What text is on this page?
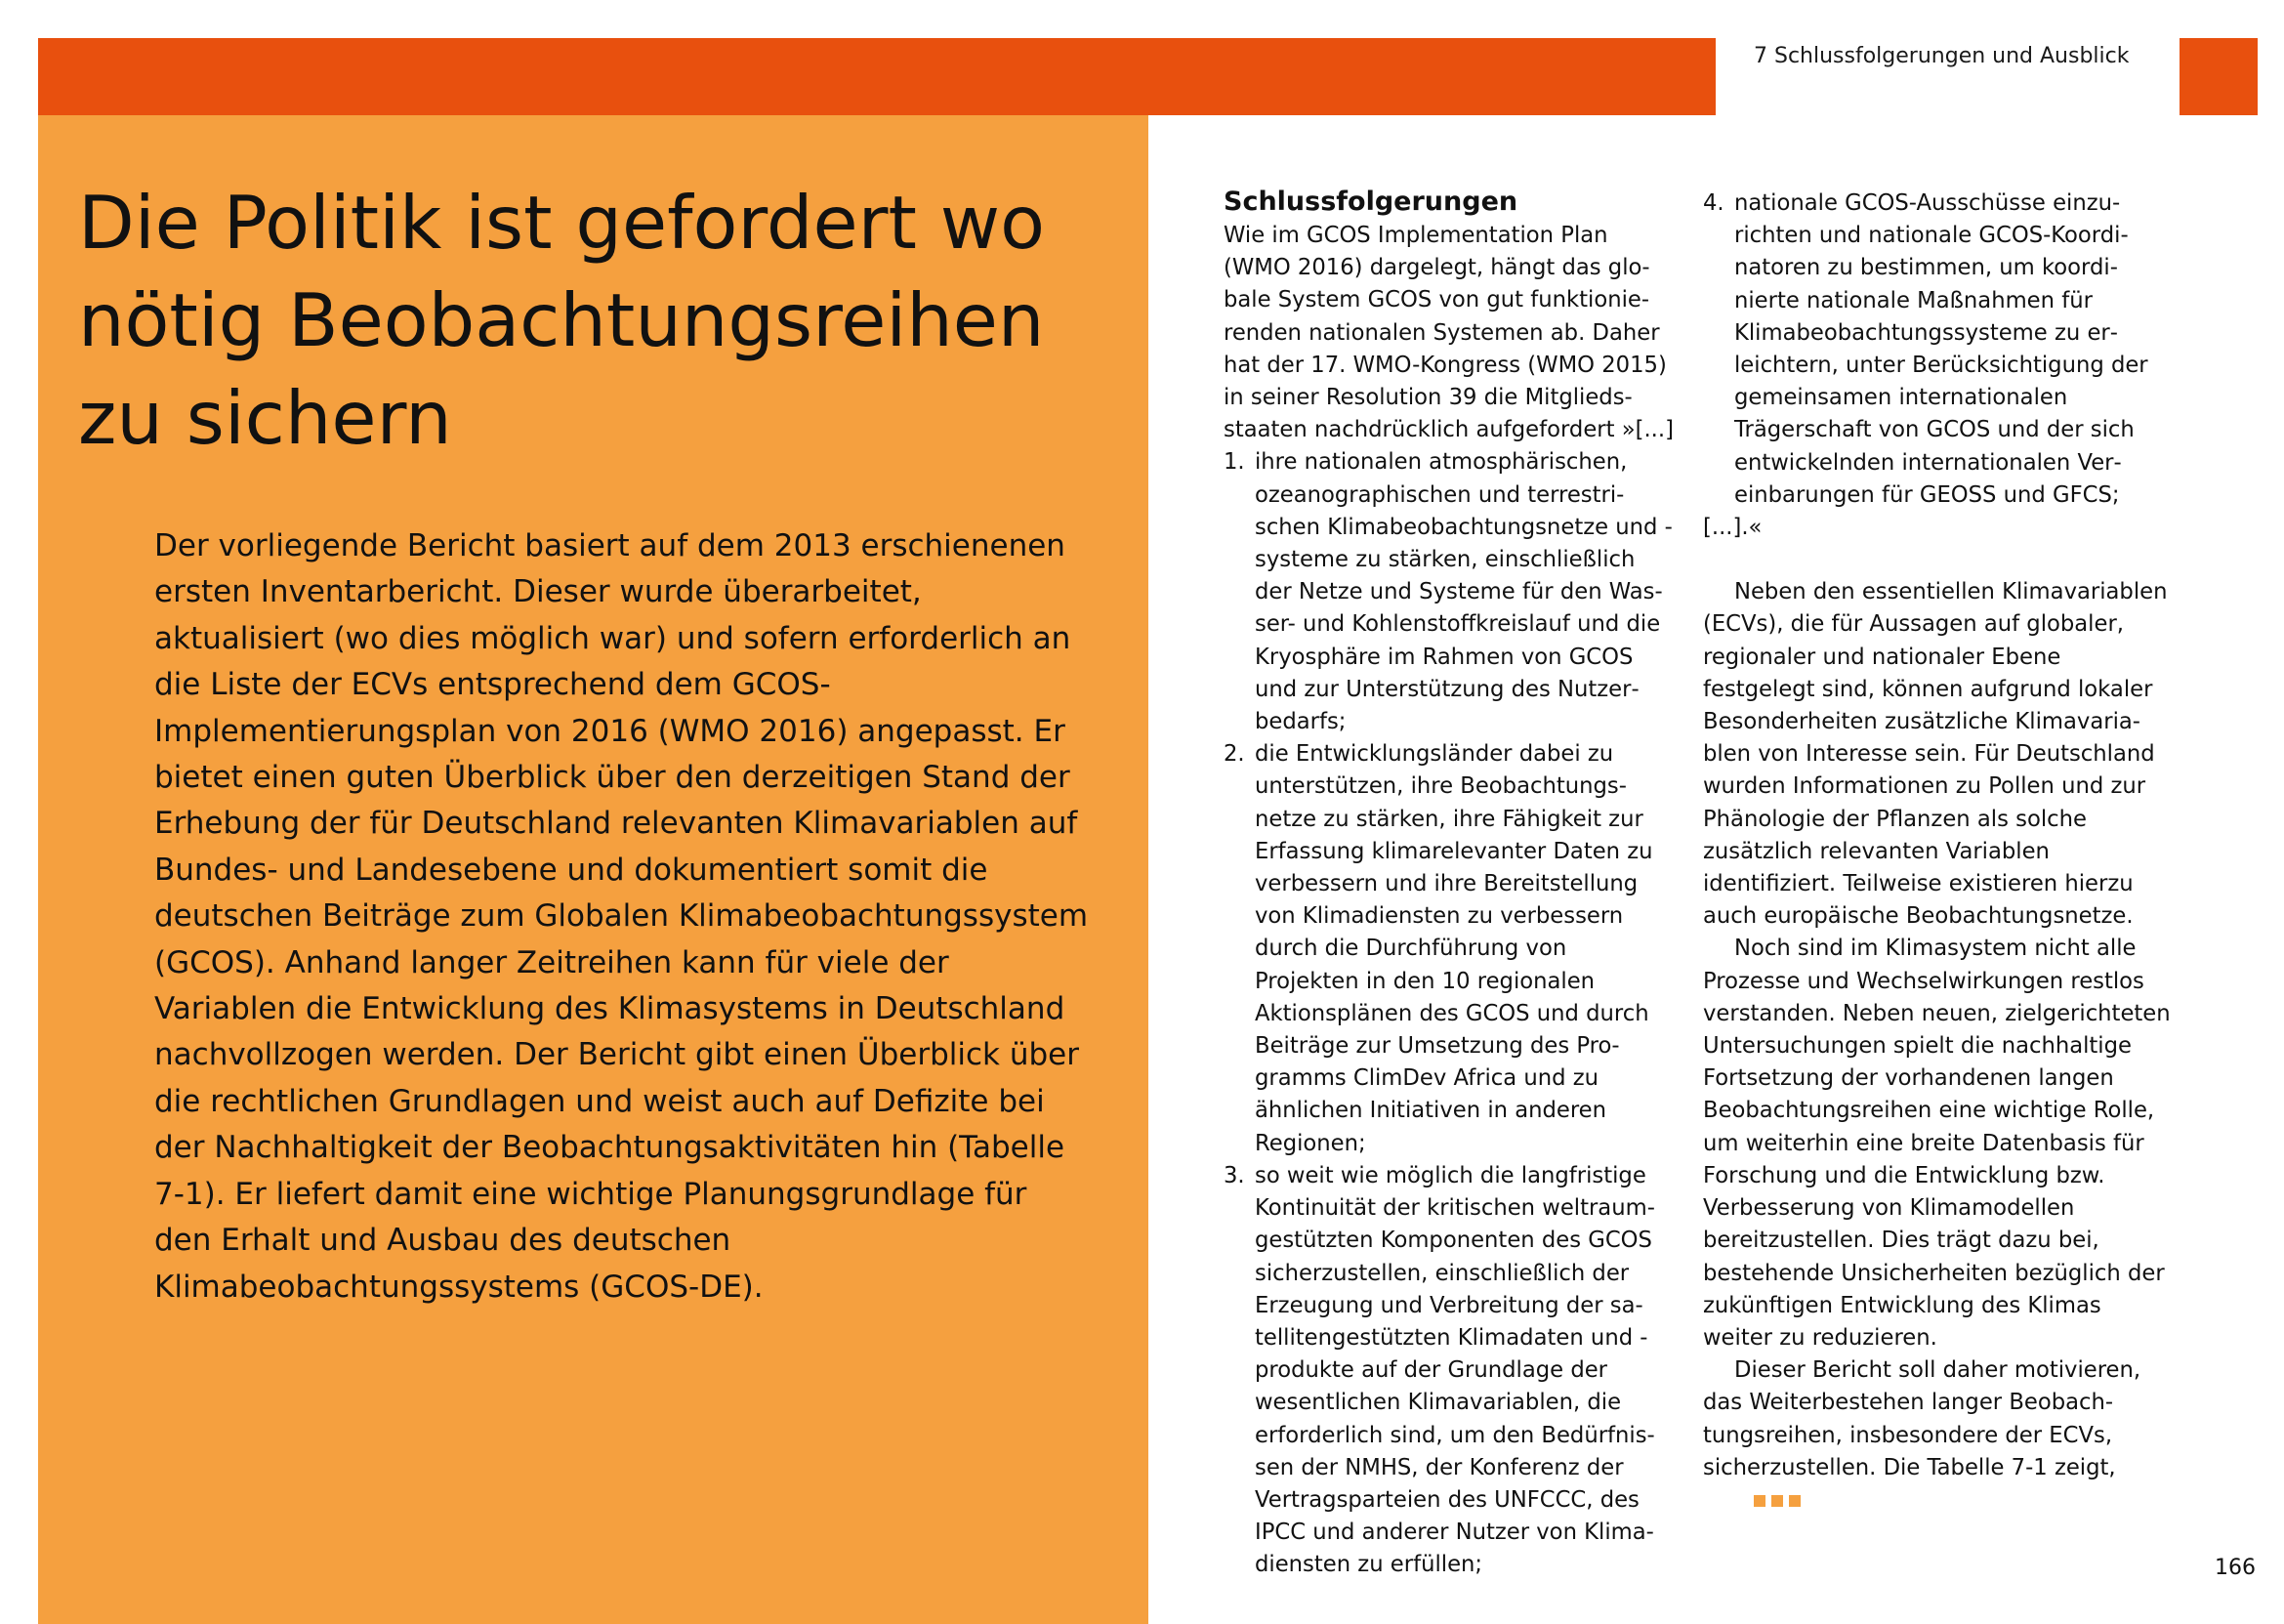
7 Schlussfolgerungen und Ausblick
Die Politik ist gefordert wo nötig Beobachtungsreihen zu sichern

Der vorliegende Bericht basiert auf dem 2013 erschienenen ersten Inventarbericht. Dieser wurde überarbeitet, aktualisiert (wo dies möglich war) und sofern erforderlich an die Liste der ECVs entsprechend dem GCOS-Implementierungsplan von 2016 (WMO 2016) angepasst. Er bietet einen guten Überblick über den derzeitigen Stand der Erhebung der für Deutschland relevanten Klimavariablen auf Bundes- und Landesebene und dokumentiert somit die deutschen Beiträge zum Globalen Klimabeobachtungssystem (GCOS). Anhand langer Zeitreihen kann für viele der Variablen die Entwicklung des Klimasystems in Deutschland nachvollzogen werden. Der Bericht gibt einen Überblick über die rechtlichen Grundlagen und weist auch auf Defizite bei der Nachhaltigkeit der Beobachtungsaktivitäten hin (Tabelle 7-1). Er liefert damit eine wichtige Planungsgrundlage für den Erhalt und Ausbau des deutschen Klimabeobachtungssystems (GCOS-DE).

Schlussfolgerungen
Wie im GCOS Implementation Plan (WMO 2016) dargelegt, hängt das globale System GCOS von gut funktionierenden nationalen Systemen ab. Daher hat der 17. WMO-Kongress (WMO 2015) in seiner Resolution 39 die Mitgliedsstaaten nachdrücklich aufgefordert »[...]
1. ihre nationalen atmosphärischen, ozeanographischen und terrestrischen Klimabeobachtungsnetze und -systeme zu stärken, einschließlich der Netze und Systeme für den Wasser- und Kohlenstoffkreislauf und die Kryosphäre im Rahmen von GCOS und zur Unterstützung des Nutzerbedarfs;
2. die Entwicklungsländer dabei zu unterstützen, ihre Beobachtungsnetze zu stärken, ihre Fähigkeit zur Erfassung klimarelevanter Daten zu verbessern und ihre Bereitstellung von Klimadiensten zu verbessern durch die Durchführung von Projekten in den 10 regionalen Aktionsplänen des GCOS und durch Beiträge zur Umsetzung des Programms ClimDev Africa und zu ähnlichen Initiativen in anderen Regionen;
3. so weit wie möglich die langfristige Kontinuität der kritischen weltraumgestützten Komponenten des GCOS sicherzustellen, einschließlich der Erzeugung und Verbreitung der satellitengestützten Klimadaten und -produkte auf der Grundlage der wesentlichen Klimavariablen, die erforderlich sind, um den Bedürfnissen der NMHS, der Konferenz der Vertragsparteien des UNFCCC, des IPCC und anderer Nutzer von Klimadiensten zu erfüllen;
4. nationale GCOS-Ausschüsse einzurichten und nationale GCOS-Koordinatoren zu bestimmen, um koordinierte nationale Maßnahmen für Klimabeobachtungssysteme zu erleichtern, unter Berücksichtigung der gemeinsamen internationalen Trägerschaft von GCOS und der sich entwickelnden internationalen Vereinbarungen für GEOSS und GFCS;
[...].«
Neben den essentiellen Klimavariablen (ECVs), die für Aussagen auf globaler, regionaler und nationaler Ebene festgelegt sind, können aufgrund lokaler Besonderheiten zusätzliche Klimavariablen von Interesse sein. Für Deutschland wurden Informationen zu Pollen und zur Phänologie der Pflanzen als solche zusätzlich relevanten Variablen identifiziert. Teilweise existieren hierzu auch europäische Beobachtungsnetze.
Noch sind im Klimasystem nicht alle Prozesse und Wechselwirkungen restlos verstanden. Neben neuen, zielgerichteten Untersuchungen spielt die nachhaltige Fortsetzung der vorhandenen langen Beobachtungsreihen eine wichtige Rolle, um weiterhin eine breite Datenbasis für Forschung und die Entwicklung bzw. Verbesserung von Klimamodellen bereitzustellen. Dies trägt dazu bei, bestehende Unsicherheiten bezüglich der zukünftigen Entwicklung des Klimas weiter zu reduzieren.
Dieser Bericht soll daher motivieren, das Weiterbestehen langer Beobachtungsreihen, insbesondere der ECVs, sicherzustellen. Die Tabelle 7-1 zeigt,
166
